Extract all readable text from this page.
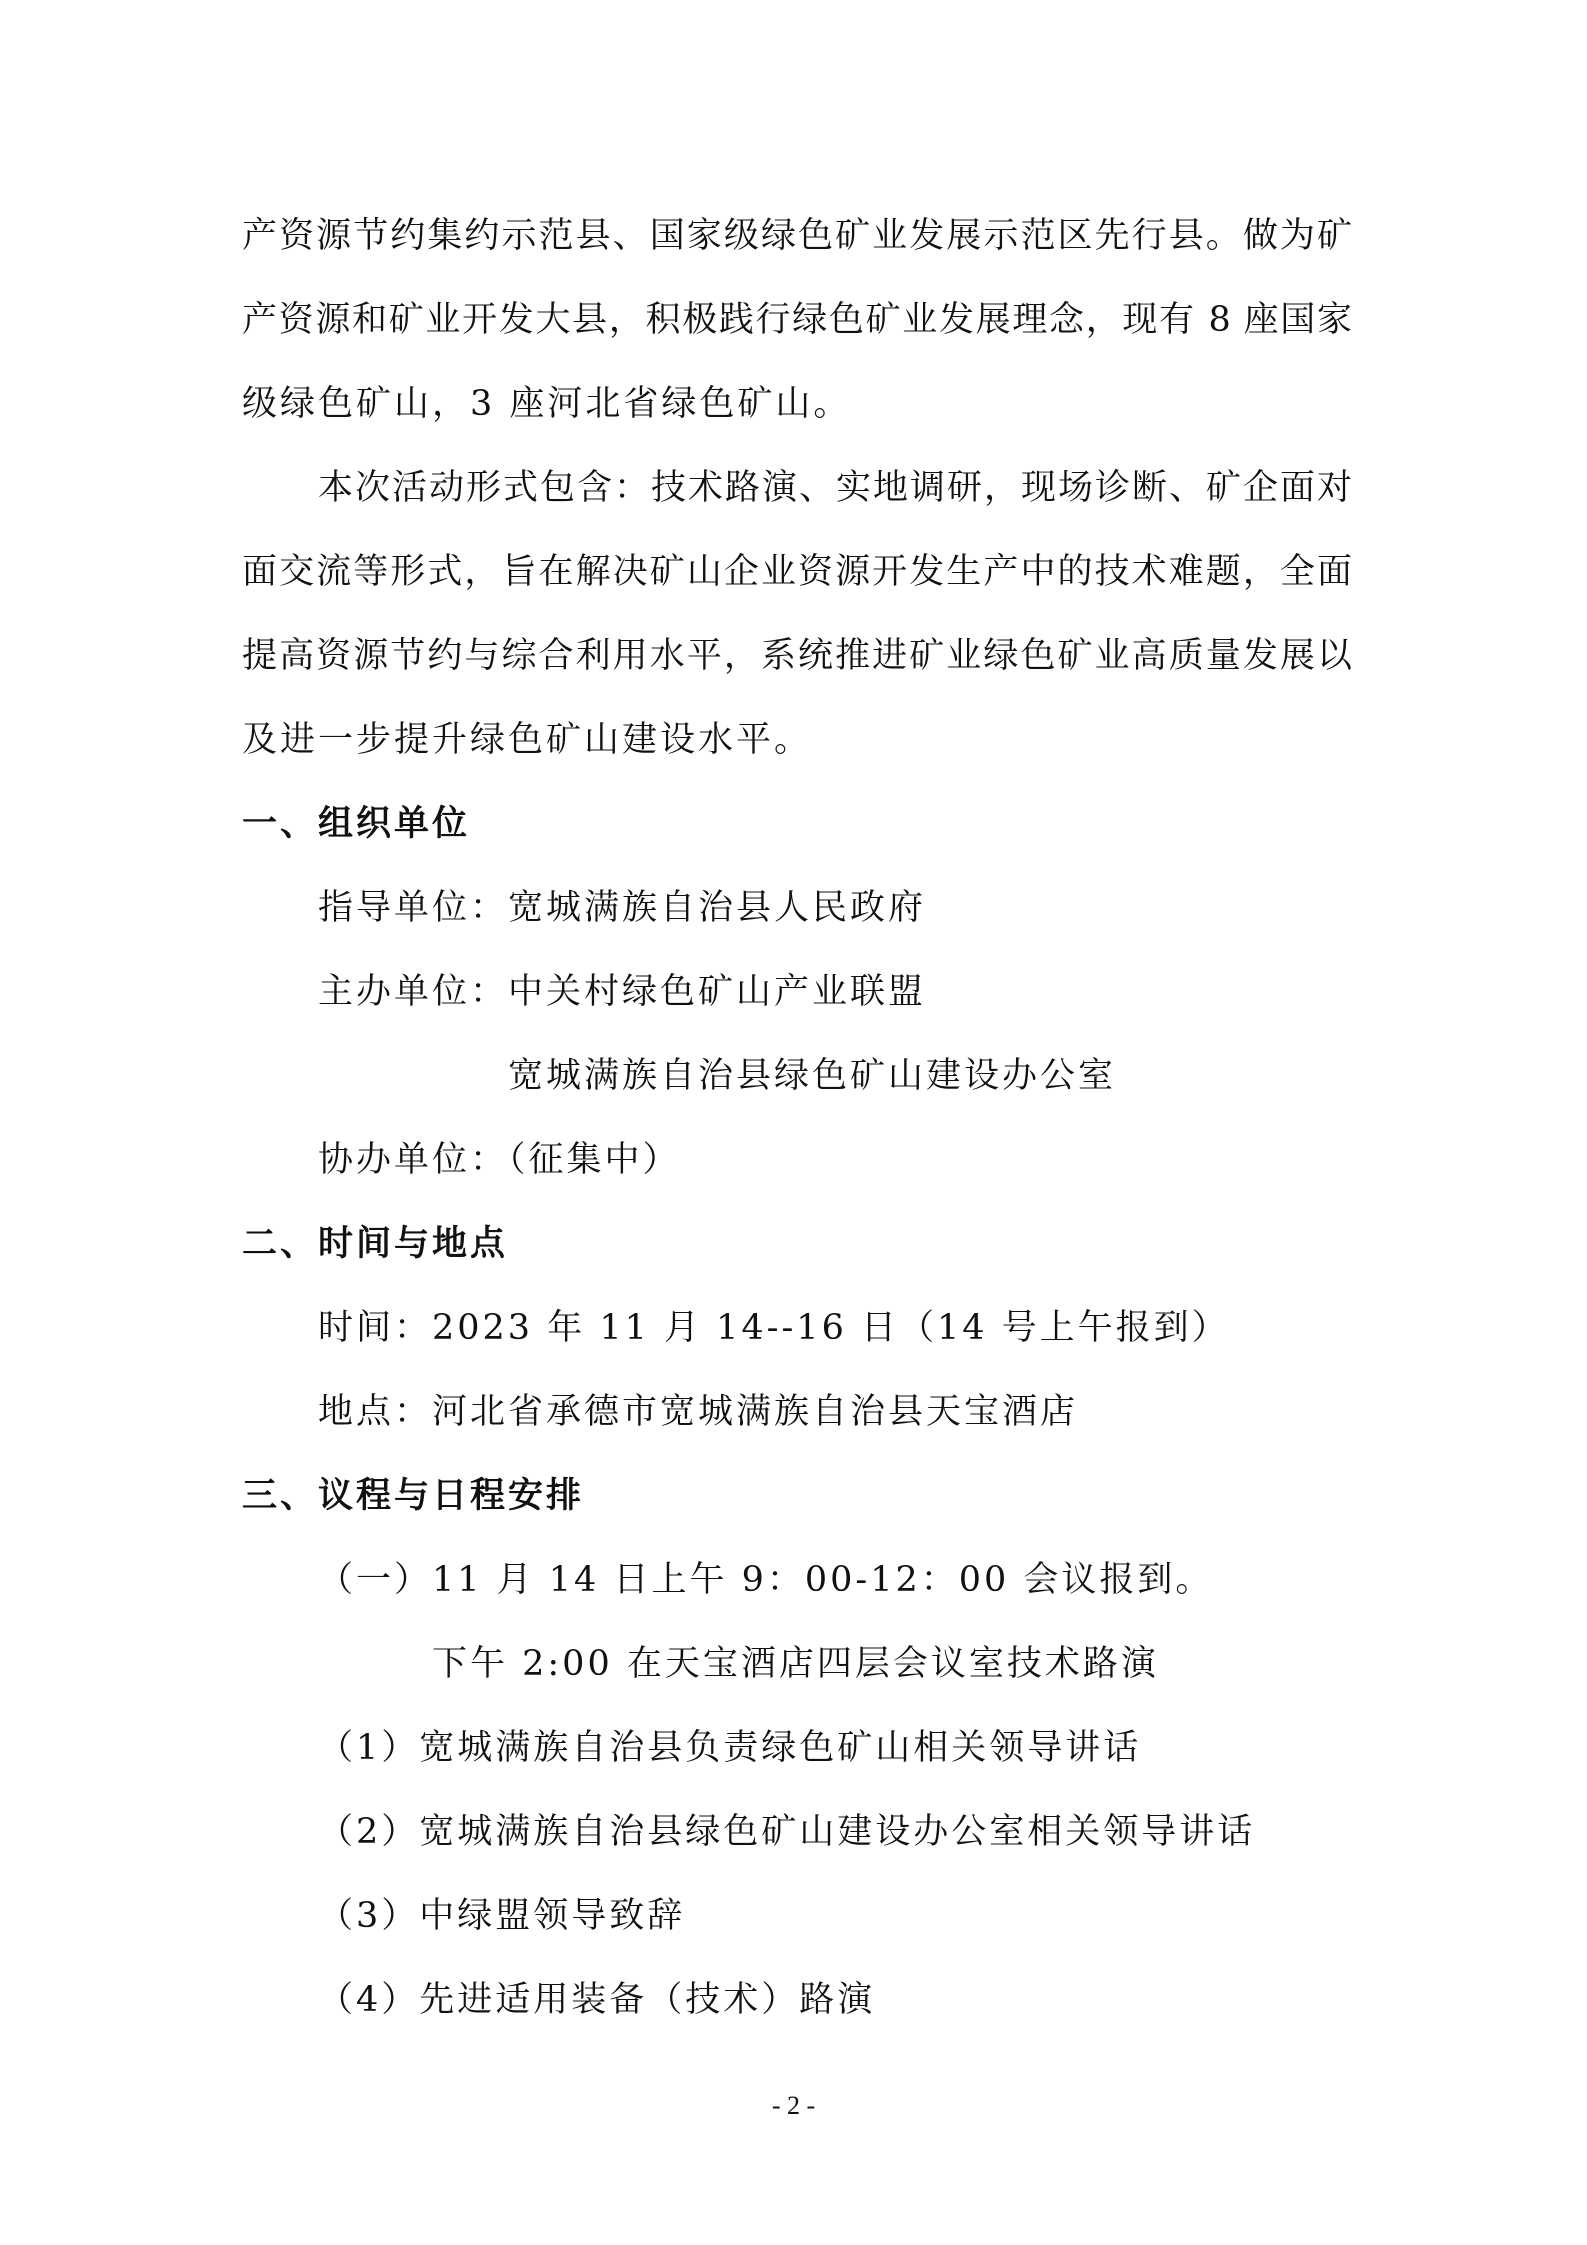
产资源节约集约示范县、国家级绿色矿业发展示范区先行县。做为矿
产资源和矿业开发大县，积极践行绿色矿业发展理念，现有 8 座国家
级绿色矿山，3 座河北省绿色矿山。
本次活动形式包含：技术路演、实地调研，现场诊断、矿企面对
面交流等形式，旨在解决矿山企业资源开发生产中的技术难题，全面
提高资源节约与综合利用水平，系统推进矿业绿色矿业高质量发展以
及进一步提升绿色矿山建设水平。
一、组织单位
指导单位：宽城满族自治县人民政府
主办单位：中关村绿色矿山产业联盟
宽城满族自治县绿色矿山建设办公室
协办单位：（征集中）
二、时间与地点
时间：2023 年 11 月 14--16 日（14 号上午报到）
地点：河北省承德市宽城满族自治县天宝酒店
三、议程与日程安排
（一）11 月 14 日上午 9：00-12：00 会议报到。
下午 2:00 在天宝酒店四层会议室技术路演
（1）宽城满族自治县负责绿色矿山相关领导讲话
（2）宽城满族自治县绿色矿山建设办公室相关领导讲话
（3）中绿盟领导致辞
（4）先进适用装备（技术）路演
- 2 -
